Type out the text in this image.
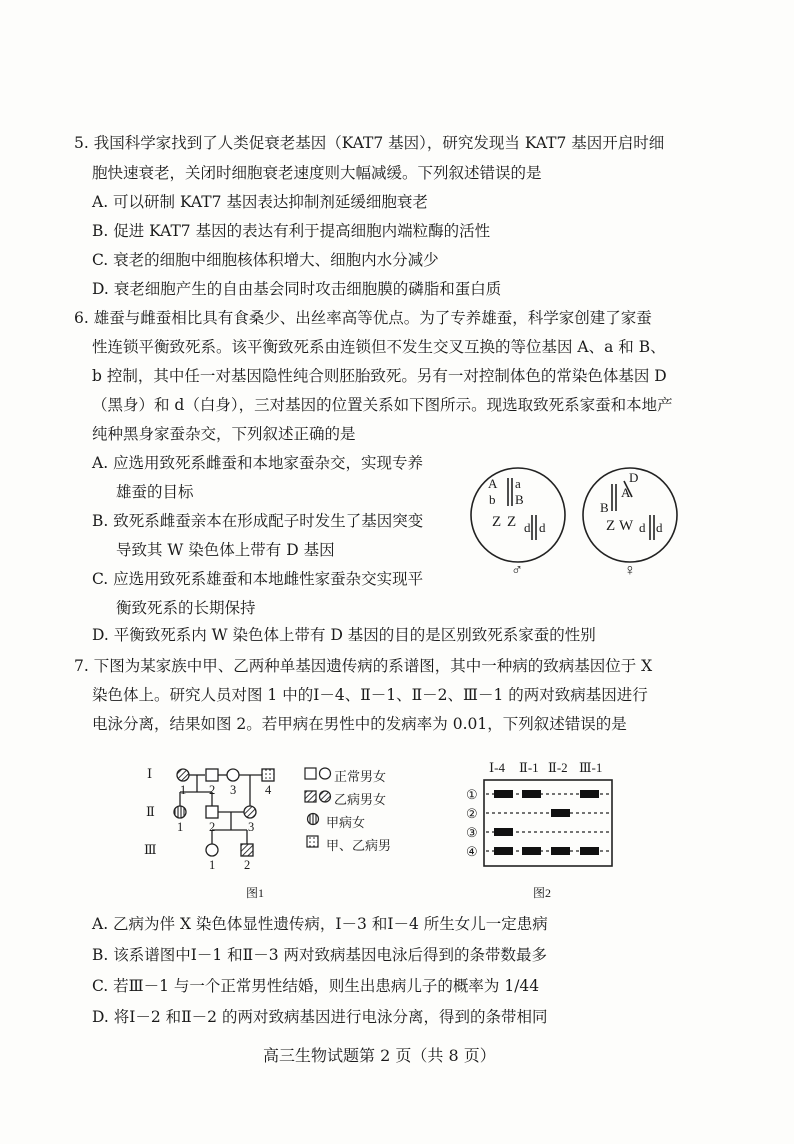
5. 我国科学家找到了人类促衰老基因（KAT7 基因），研究发现当 KAT7 基因开启时细
胞快速衰老，关闭时细胞衰老速度则大幅减缓。下列叙述错误的是
A. 可以研制 KAT7 基因表达抑制剂延缓细胞衰老
B. 促进 KAT7 基因的表达有利于提高细胞内端粒酶的活性
C. 衰老的细胞中细胞核体积增大、细胞内水分减少
D. 衰老细胞产生的自由基会同时攻击细胞膜的磷脂和蛋白质
6. 雄蚕与雌蚕相比具有食桑少、出丝率高等优点。为了专养雄蚕，科学家创建了家蚕
性连锁平衡致死系。该平衡致死系由连锁但不发生交叉互换的等位基因 A、a 和 B、
b 控制，其中任一对基因隐性纯合则胚胎致死。另有一对控制体色的常染色体基因 D
（黑身）和 d（白身），三对基因的位置关系如下图所示。现选取致死系家蚕和本地产
纯种黑身家蚕杂交，下列叙述正确的是
A. 应选用致死系雌蚕和本地家蚕杂交，实现专养
雄蚕的目标
B. 致死系雌蚕亲本在形成配子时发生了基因突变
导致其 W 染色体上带有 D 基因
C. 应选用致死系雄蚕和本地雌性家蚕杂交实现平
衡致死系的长期保持
D. 平衡致死系内 W 染色体上带有 D 基因的目的是区别致死系家蚕的性别
A
b
a
B
Z Z d d
♂
D
A
B
Z W d d
♀
7. 下图为某家族中甲、乙两种单基因遗传病的系谱图，其中一种病的致病基因位于 X
染色体上。研究人员对图 1 中的Ⅰ－4、Ⅱ－1、Ⅱ－2、Ⅲ－1 的两对致病基因进行
电泳分离，结果如图 2。若甲病在男性中的发病率为 0.01，下列叙述错误的是
Ⅰ
Ⅱ
Ⅲ
1 2 3 4
1 2	3
1 2
正常男女
乙病男女
甲病女
甲、乙病男
图1
Ⅰ-4 Ⅱ-1 Ⅱ-2 Ⅲ-1
①
②
③
④
图2
A. 乙病为伴 X 染色体显性遗传病，Ⅰ－3 和Ⅰ－4 所生女儿一定患病
B. 该系谱图中Ⅰ－1 和Ⅱ－3 两对致病基因电泳后得到的条带数最多
C. 若Ⅲ－1 与一个正常男性结婚，则生出患病儿子的概率为 1/44
D. 将Ⅰ－2 和Ⅱ－2 的两对致病基因进行电泳分离，得到的条带相同
高三生物试题第 2 页（共 8 页）
